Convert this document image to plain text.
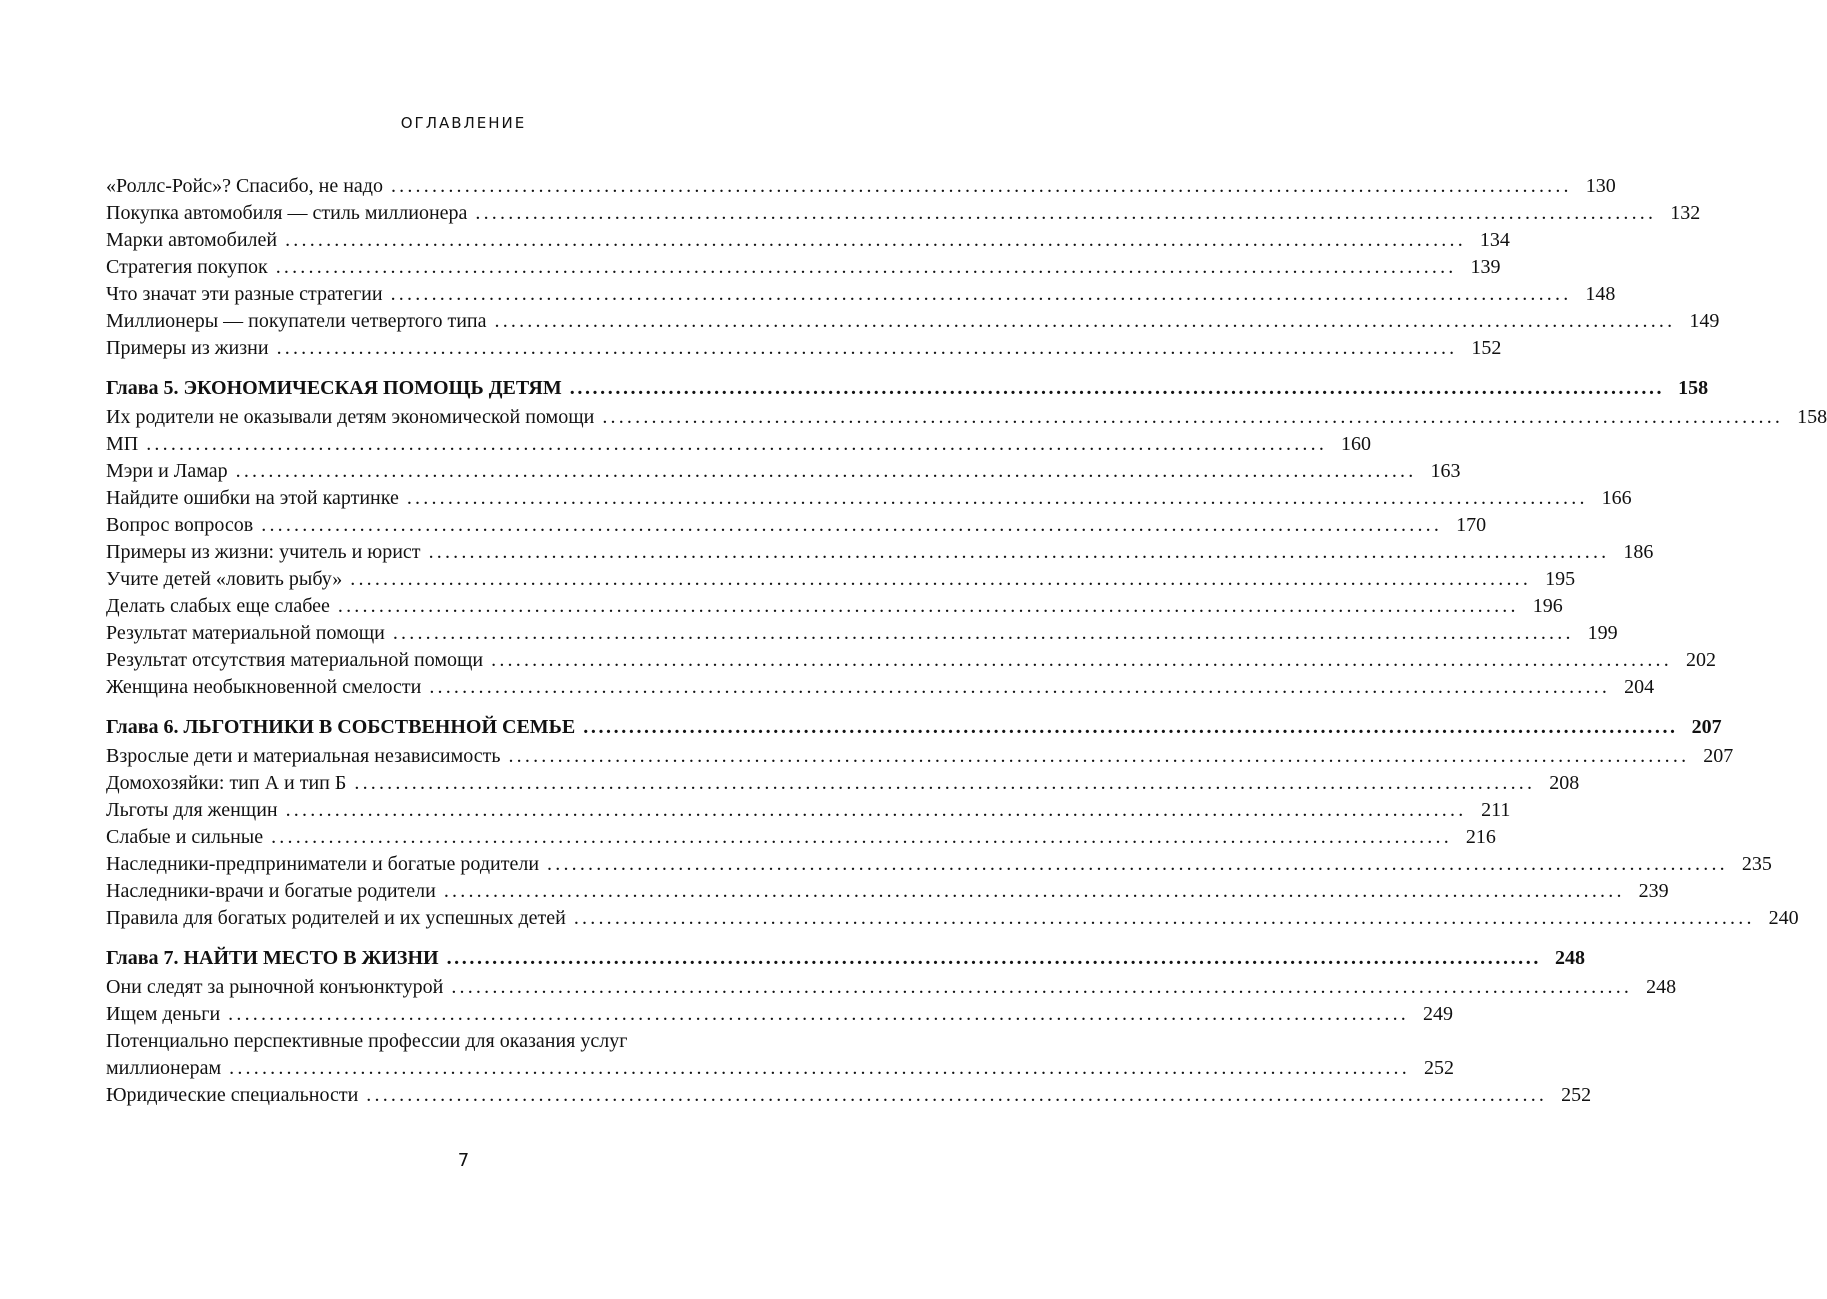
ОГЛАВЛЕНИЕ
«Роллс-Ройс»? Спасибо, не надо .....	130
Покупка автомобиля — стиль миллионера .....	132
Марки автомобилей .....	134
Стратегия покупок .....	139
Что значат эти разные стратегии .....	148
Миллионеры — покупатели четвертого типа .....	149
Примеры из жизни .....	152
Глава 5. ЭКОНОМИЧЕСКАЯ ПОМОЩЬ ДЕТЯМ .....	158
Их родители не оказывали детям экономической помощи .....	158
МП .....	160
Мэри и Ламар .....	163
Найдите ошибки на этой картинке .....	166
Вопрос вопросов .....	170
Примеры из жизни: учитель и юрист .....	186
Учите детей «ловить рыбу» .....	195
Делать слабых еще слабее .....	196
Результат материальной помощи .....	199
Результат отсутствия материальной помощи .....	202
Женщина необыкновенной смелости .....	204
Глава 6. ЛЬГОТНИКИ В СОБСТВЕННОЙ СЕМЬЕ .....	207
Взрослые дети и материальная независимость .....	207
Домохозяйки: тип А и тип Б .....	208
Льготы для женщин .....	211
Слабые и сильные .....	216
Наследники-предприниматели и богатые родители .....	235
Наследники-врачи и богатые родители .....	239
Правила для богатых родителей и их успешных детей .....	240
Глава 7. НАЙТИ МЕСТО В ЖИЗНИ .....	248
Они следят за рыночной конъюнктурой .....	248
Ищем деньги .....	249
Потенциально перспективные профессии для оказания услуг
миллионерам .....	252
Юридические специальности .....	252
7
